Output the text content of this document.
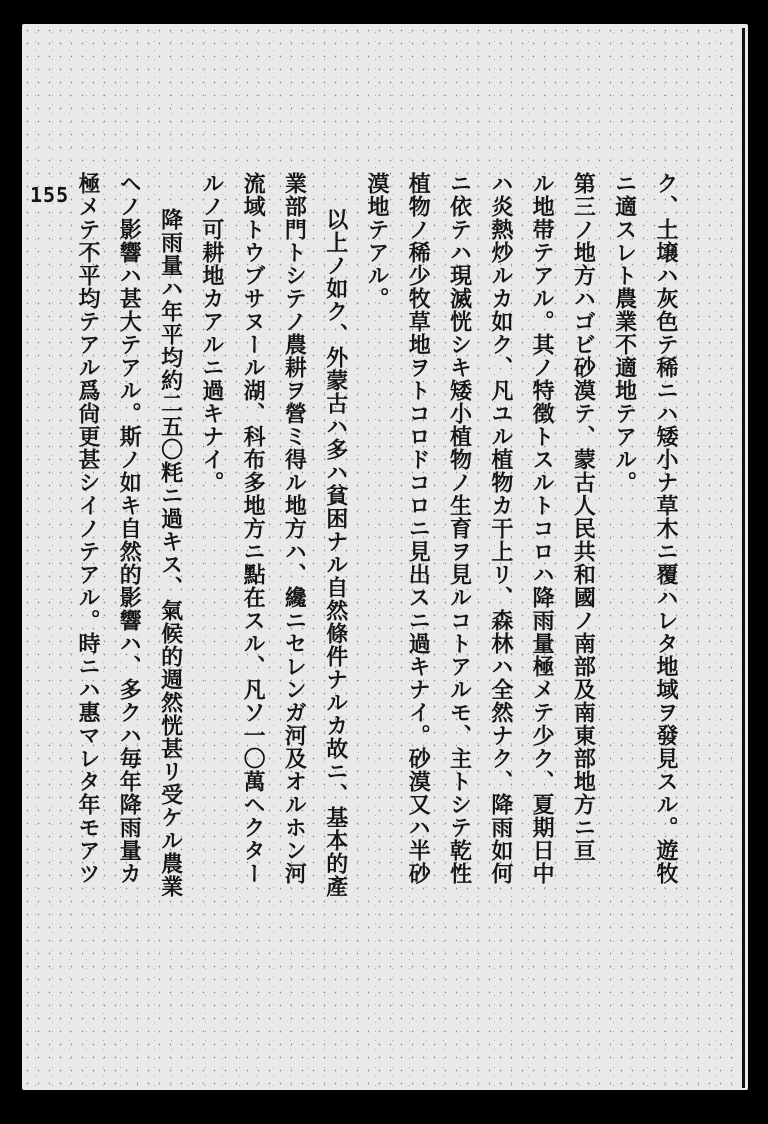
155	ク、土壌ハ灰色テ稀ニハ矮小ナ草木ニ覆ハレタ地域ヲ發見スル。遊牧
ニ適スレト農業不適地テアル。
第三ノ地方ハゴビ砂漠テ、蒙古人民共和國ノ南部及南東部地方ニ亘
ル地帯テアル。其ノ特徴トスルトコロハ降雨量極メテ少ク、夏期日中
ハ炎熱炒ルカ如ク、凡ユル植物カ干上リ、森林ハ全然ナク、降雨如何
ニ依テハ現滅恍シキ矮小植物ノ生育ヲ見ルコトアルモ、主トシテ乾性
植物ノ稀少牧草地ヲトコロドコロニ見出スニ過キナイ。砂漠又ハ半砂
漠地テアル。
以上ノ如ク、外蒙古ハ多ハ貧困ナル自然條件ナルカ故ニ、基本的產
業部門トシテノ農耕ヲ營ミ得ル地方ハ、纔ニセレンガ河及オルホン河
流域トウブサヌール湖、科布多地方ニ點在スル、凡ソ一〇萬ヘクター
ルノ可耕地カアルニ過キナイ。
降雨量ハ年平均約二五〇粍ニ過キス、氣候的週然恍甚リ受ケル農業
ヘノ影響ハ甚大テアル。斯ノ如キ自然的影響ハ、多クハ毎年降雨量カ
極メテ不平均テアル爲尙更甚シイノテアル。時ニハ惠マレタ年モアツ
